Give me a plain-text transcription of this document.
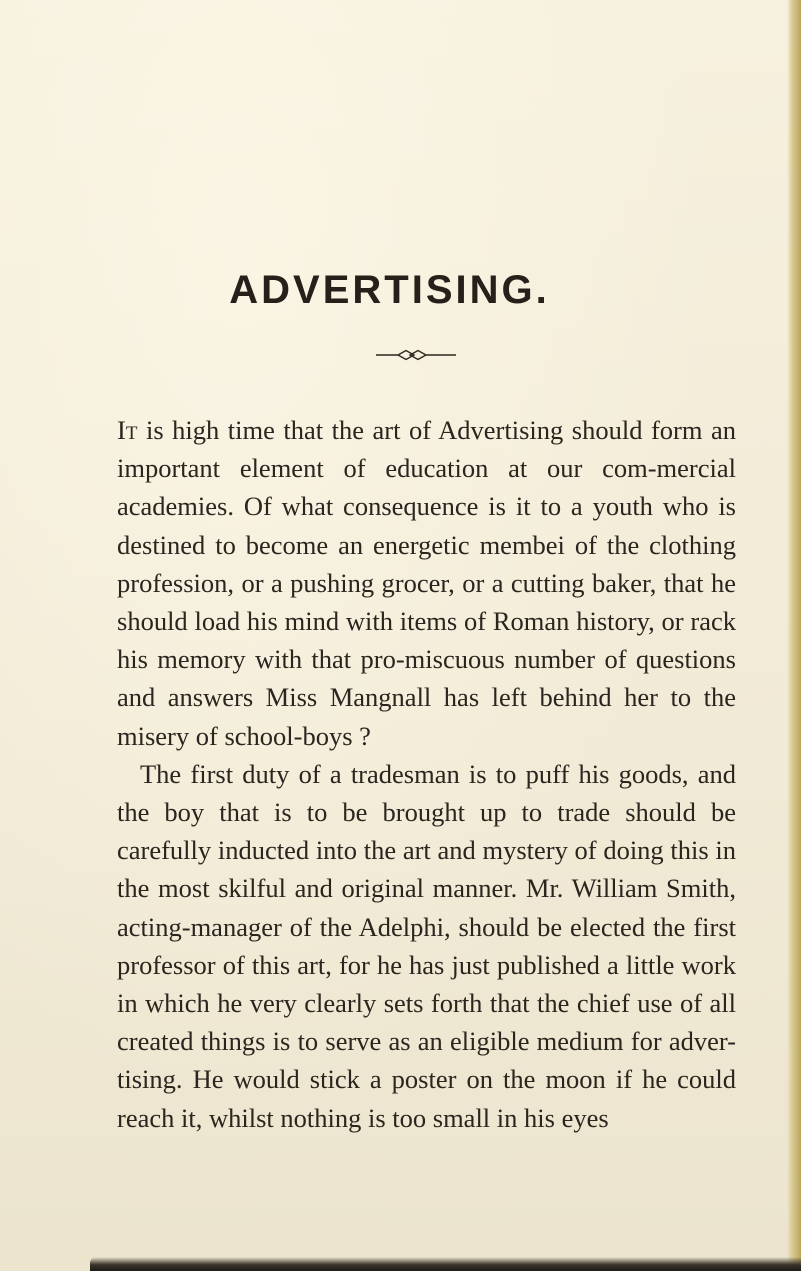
ADVERTISING.

It is high time that the art of Advertising should form an important element of education at our com-mercial academies. Of what consequence is it to a youth who is destined to become an energetic membei of the clothing profession, or a pushing grocer, or a cutting baker, that he should load his mind with items of Roman history, or rack his memory with that pro-miscuous number of questions and answers Miss Mangnall has left behind her to the misery of school-boys ?

The first duty of a tradesman is to puff his goods, and the boy that is to be brought up to trade should be carefully inducted into the art and mystery of doing this in the most skilful and original manner. Mr. William Smith, acting-manager of the Adelphi, should be elected the first professor of this art, for he has just published a little work in which he very clearly sets forth that the chief use of all created things is to serve as an eligible medium for adver-tising. He would stick a poster on the moon if he could reach it, whilst nothing is too small in his eyes
